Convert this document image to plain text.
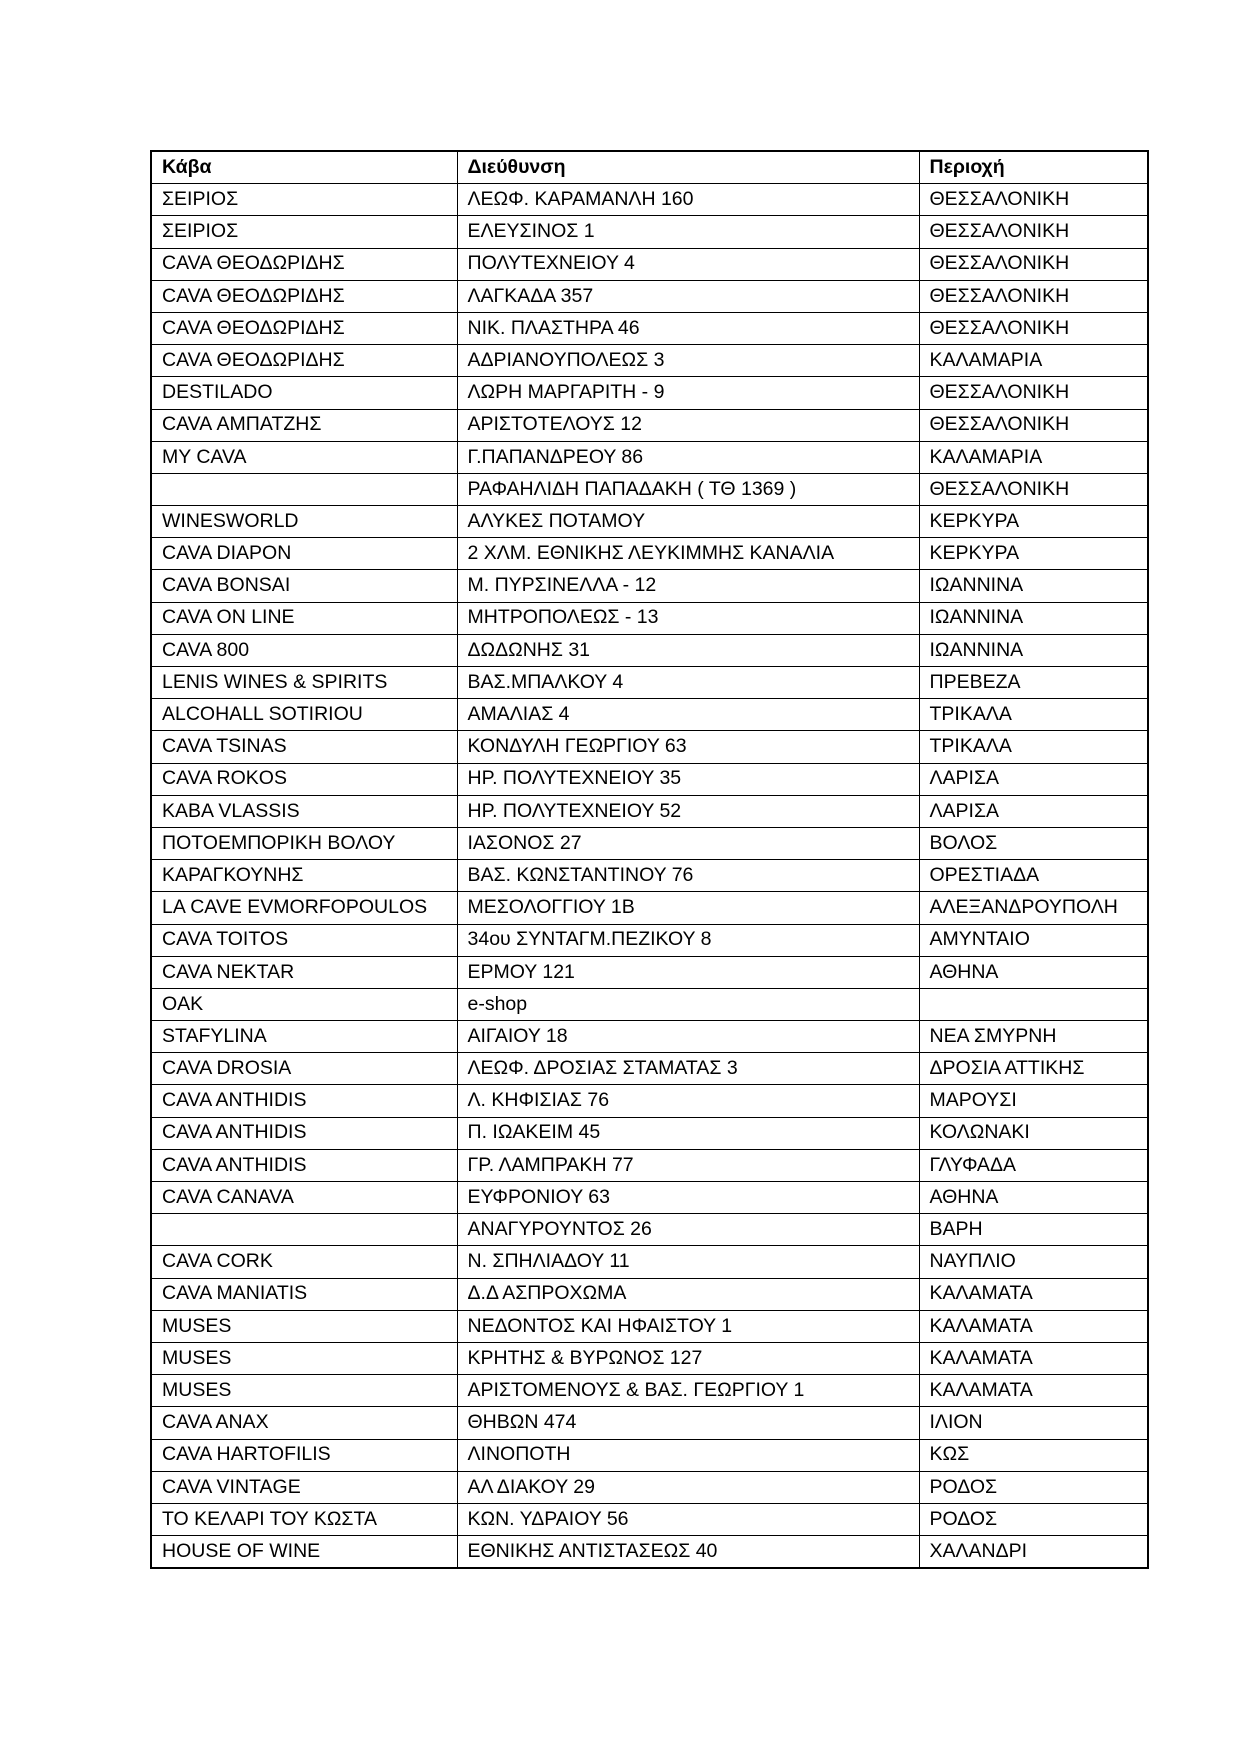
Κάβα	Διεύθυνση	Περιοχή
ΣΕΙΡΙΟΣ	ΛΕΩΦ. ΚΑΡΑΜΑΝΛΗ 160	ΘΕΣΣΑΛΟΝΙΚΗ
ΣΕΙΡΙΟΣ	ΕΛΕΥΣΙΝΟΣ 1	ΘΕΣΣΑΛΟΝΙΚΗ
CAVA ΘΕΟΔΩΡΙΔΗΣ	ΠΟΛΥΤΕΧΝΕΙΟΥ 4	ΘΕΣΣΑΛΟΝΙΚΗ
CAVA ΘΕΟΔΩΡΙΔΗΣ	ΛΑΓΚΑΔΑ 357	ΘΕΣΣΑΛΟΝΙΚΗ
CAVA ΘΕΟΔΩΡΙΔΗΣ	ΝΙΚ. ΠΛΑΣΤΗΡΑ 46	ΘΕΣΣΑΛΟΝΙΚΗ
CAVA ΘΕΟΔΩΡΙΔΗΣ	ΑΔΡΙΑΝΟΥΠΟΛΕΩΣ 3	ΚΑΛΑΜΑΡΙΑ
DESTILADO	ΛΩΡΗ ΜΑΡΓΑΡΙΤΗ - 9	ΘΕΣΣΑΛΟΝΙΚΗ
CAVA ΑΜΠΑΤΖΗΣ	ΑΡΙΣΤΟΤΕΛΟΥΣ 12	ΘΕΣΣΑΛΟΝΙΚΗ
MY CAVA	Γ.ΠΑΠΑΝΔΡΕΟΥ 86	ΚΑΛΑΜΑΡΙΑ
	ΡΑΦΑΗΛΙΔΗ ΠΑΠΑΔΑΚΗ ( ΤΘ 1369 )	ΘΕΣΣΑΛΟΝΙΚΗ
WINESWORLD	ΑΛΥΚΕΣ ΠΟΤΑΜΟΥ	ΚΕΡΚΥΡΑ
CAVA DIAPON	2 ΧΛΜ. ΕΘΝΙΚΗΣ ΛΕΥΚΙΜΜΗΣ ΚΑΝΑΛΙΑ	ΚΕΡΚΥΡΑ
CAVA BONSAI	Μ. ΠΥΡΣΙΝΕΛΛΑ - 12	ΙΩΑΝΝΙΝΑ
CAVA ON LINE	ΜΗΤΡΟΠΟΛΕΩΣ - 13	ΙΩΑΝΝΙΝΑ
CAVA 800	ΔΩΔΩΝΗΣ 31	ΙΩΑΝΝΙΝΑ
LENIS WINES & SPIRITS	ΒΑΣ.ΜΠΑΛΚΟΥ 4	ΠΡΕΒΕΖΑ
ALCOHALL SOTIRIOU	ΑΜΑΛΙΑΣ 4	ΤΡΙΚΑΛΑ
CAVA TSINAS	ΚΟΝΔΥΛΗ ΓΕΩΡΓΙΟΥ 63	ΤΡΙΚΑΛΑ
CAVA ROKOS	ΗΡ. ΠΟΛΥΤΕΧΝΕΙΟΥ 35	ΛΑΡΙΣΑ
KABA VLASSIS	ΗΡ. ΠΟΛΥΤΕΧΝΕΙΟΥ 52	ΛΑΡΙΣΑ
ΠΟΤΟΕΜΠΟΡΙΚΗ ΒΟΛΟΥ	ΙΑΣΟΝΟΣ 27	ΒΟΛΟΣ
ΚΑΡΑΓΚΟΥΝΗΣ	ΒΑΣ. ΚΩΝΣΤΑΝΤΙΝΟΥ 76	ΟΡΕΣΤΙΑΔΑ
LA CAVE EVMORFOPOULOS	ΜΕΣΟΛΟΓΓΙΟΥ 1Β	ΑΛΕΞΑΝΔΡΟΥΠΟΛΗ
CAVA TOITOS	34ου ΣΥΝΤΑΓΜ.ΠΕΖΙΚΟΥ 8	ΑΜΥΝΤΑΙΟ
CAVA NEKTAR	ΕΡΜΟΥ 121	ΑΘΗΝΑ
OAK	e-shop	
STAFYLINA	ΑΙΓΑΙΟΥ 18	ΝΕΑ ΣΜΥΡΝΗ
CAVA DROSIA	ΛΕΩΦ. ΔΡΟΣΙΑΣ ΣΤΑΜΑΤΑΣ 3	ΔΡΟΣΙΑ ΑΤΤΙΚΗΣ
CAVA ANTHIDIS	Λ. ΚΗΦΙΣΙΑΣ 76	ΜΑΡΟΥΣΙ
CAVA ANTHIDIS	Π. ΙΩΑΚΕΙΜ 45	ΚΟΛΩΝΑΚΙ
CAVA ANTHIDIS	ΓΡ. ΛΑΜΠΡΑΚΗ 77	ΓΛΥΦΑΔΑ
CAVA CANAVA	ΕΥΦΡΟΝΙΟΥ 63	ΑΘΗΝΑ
	ΑΝΑΓΥΡΟΥΝΤΟΣ 26	ΒΑΡΗ
CAVA CORK	Ν. ΣΠΗΛΙΑΔΟΥ 11	ΝΑΥΠΛΙΟ
CAVA MANIATIS	Δ.Δ ΑΣΠΡΟΧΩΜΑ	ΚΑΛΑΜΑΤΑ
MUSES	ΝΕΔΟΝΤΟΣ ΚΑΙ ΗΦΑΙΣΤΟΥ 1	ΚΑΛΑΜΑΤΑ
MUSES	ΚΡΗΤΗΣ & ΒΥΡΩΝΟΣ 127	ΚΑΛΑΜΑΤΑ
MUSES	ΑΡΙΣΤΟΜΕΝΟΥΣ & ΒΑΣ. ΓΕΩΡΓΙΟΥ 1	ΚΑΛΑΜΑΤΑ
CAVA ANAX	ΘΗΒΩΝ 474	ΙΛΙΟΝ
CAVA HARTOFILIS	ΛΙΝΟΠΟΤΗ	ΚΩΣ
CAVA VINTAGE	ΑΛ ΔΙΑΚΟΥ 29	ΡΟΔΟΣ
ΤΟ ΚΕΛΑΡΙ ΤΟΥ ΚΩΣΤΑ	ΚΩΝ. ΥΔΡΑΙΟΥ 56	ΡΟΔΟΣ
HOUSE OF WINE	ΕΘΝΙΚΗΣ ΑΝΤΙΣΤΑΣΕΩΣ 40	ΧΑΛΑΝΔΡΙ
